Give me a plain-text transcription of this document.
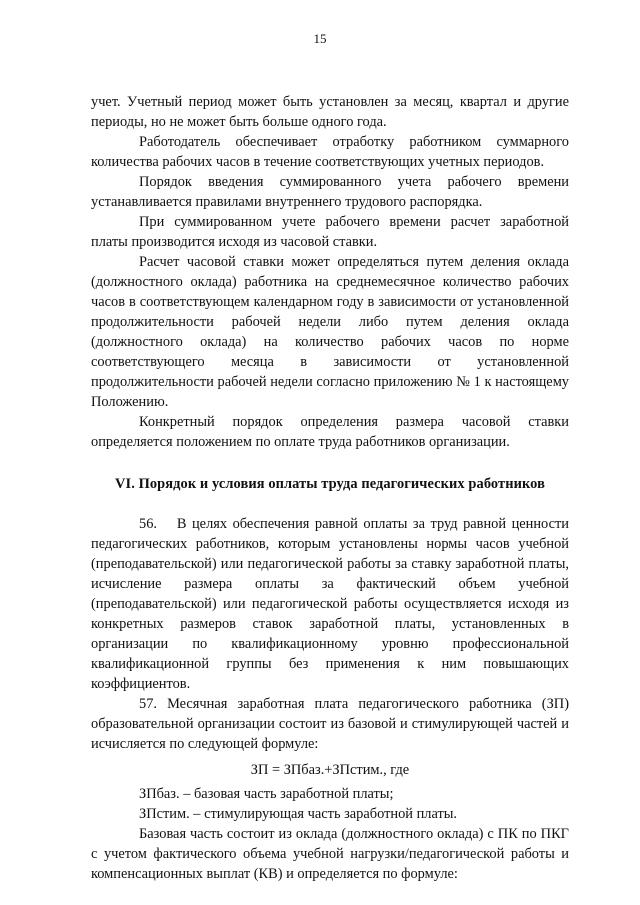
15

учет. Учетный период может быть установлен за месяц, квартал и другие периоды, но не может быть больше одного года.

Работодатель обеспечивает отработку работником суммарного количества рабочих часов в течение соответствующих учетных периодов.

Порядок введения суммированного учета рабочего времени устанавливается правилами внутреннего трудового распорядка.

При суммированном учете рабочего времени расчет заработной платы производится исходя из часовой ставки.

Расчет часовой ставки может определяться путем деления оклада (должностного оклада) работника на среднемесячное количество рабочих часов в соответствующем календарном году в зависимости от установленной продолжительности рабочей недели либо путем деления оклада (должностного оклада) на количество рабочих часов по норме соответствующего месяца в зависимости от установленной продолжительности рабочей недели согласно приложению № 1 к настоящему Положению.

Конкретный порядок определения размера часовой ставки определяется положением по оплате труда работников организации.

VI. Порядок и условия оплаты труда педагогических работников

56.  В целях обеспечения равной оплаты за труд равной ценности педагогических работников, которым установлены нормы часов учебной (преподавательской) или педагогической работы за ставку заработной платы, исчисление размера оплаты за фактический объем учебной (преподавательской) или педагогической работы осуществляется исходя из конкретных размеров ставок заработной платы, установленных в организации по квалификационному уровню профессиональной квалификационной группы без применения к ним повышающих коэффициентов.

57. Месячная заработная плата педагогического работника (ЗП) образовательной организации состоит из базовой и стимулирующей частей и исчисляется по следующей формуле:

ЗП = ЗПбаз.+ЗПстим., где

ЗПбаз. – базовая часть заработной платы;

ЗПстим. – стимулирующая часть заработной платы.

Базовая часть состоит из оклада (должностного оклада) с ПК по ПКГ с учетом фактического объема учебной нагрузки/педагогической работы и компенсационных выплат (КВ) и определяется по формуле:
